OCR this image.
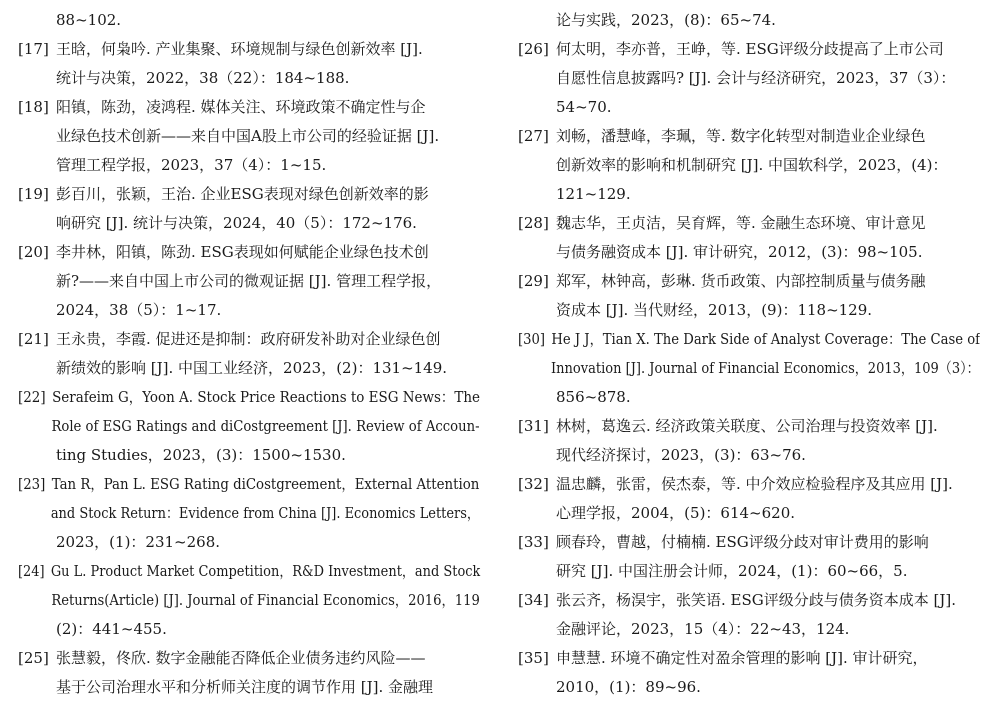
88~102.
[17] 王晗，何枭吟. 产业集聚、环境规制与绿色创新效率 [J].
统计与决策，2022，38（22）：184~188.
[18] 阳镇，陈劲，凌鸿程. 媒体关注、环境政策不确定性与企
业绿色技术创新——来自中国A股上市公司的经验证据 [J].
管理工程学报，2023，37（4）：1~15.
[19] 彭百川，张颖，王治. 企业ESG表现对绿色创新效率的影
响研究 [J]. 统计与决策，2024，40（5）：172~176.
[20] 李井林，阳镇，陈劲. ESG表现如何赋能企业绿色技术创
新?——来自中国上市公司的微观证据 [J]. 管理工程学报，
2024，38（5）：1~17.
[21] 王永贵，李霞. 促进还是抑制：政府研发补助对企业绿色创
新绩效的影响 [J]. 中国工业经济，2023，(2)：131~149.
[22] Serafeim G，Yoon A. Stock Price Reactions to ESG News：The
Role of ESG Ratings and diCostgreement [J]. Review of Accoun-
ting Studies，2023，(3)：1500~1530.
[23] Tan R，Pan L. ESG Rating diCostgreement，External Attention
and Stock Return：Evidence from China [J]. Economics Letters，
2023，(1)：231~268.
[24] Gu L. Product Market Competition，R&D Investment，and Stock
Returns(Article) [J]. Journal of Financial Economics，2016，119
(2)：441~455.
[25] 张慧毅，佟欣. 数字金融能否降低企业债务违约风险——
基于公司治理水平和分析师关注度的调节作用 [J]. 金融理
论与实践，2023，(8)：65~74.
[26] 何太明，李亦普，王峥，等. ESG评级分歧提高了上市公司
自愿性信息披露吗? [J]. 会计与经济研究，2023，37（3）：
54~70.
[27] 刘畅，潘慧峰，李珮，等. 数字化转型对制造业企业绿色
创新效率的影响和机制研究 [J]. 中国软科学，2023，(4)：
121~129.
[28] 魏志华，王贞洁，吴育辉，等. 金融生态环境、审计意见
与债务融资成本 [J]. 审计研究，2012，(3)：98~105.
[29] 郑军，林钟高，彭琳. 货币政策、内部控制质量与债务融
资成本 [J]. 当代财经，2013，(9)：118~129.
[30] He J J，Tian X. The Dark Side of Analyst Coverage：The Case of
Innovation [J]. Journal of Financial Economics，2013，109（3）：
856~878.
[31] 林树，葛逸云. 经济政策关联度、公司治理与投资效率 [J].
现代经济探讨，2023，(3)：63~76.
[32] 温忠麟，张雷，侯杰泰，等. 中介效应检验程序及其应用 [J].
心理学报，2004，(5)：614~620.
[33] 顾春玲，曹越，付楠楠. ESG评级分歧对审计费用的影响
研究 [J]. 中国注册会计师，2024，(1)：60~66，5.
[34] 张云齐，杨淏宇，张笑语. ESG评级分歧与债务资本成本 [J].
金融评论，2023，15（4）：22~43，124.
[35] 申慧慧. 环境不确定性对盈余管理的影响 [J]. 审计研究，
2010，(1)：89~96.
